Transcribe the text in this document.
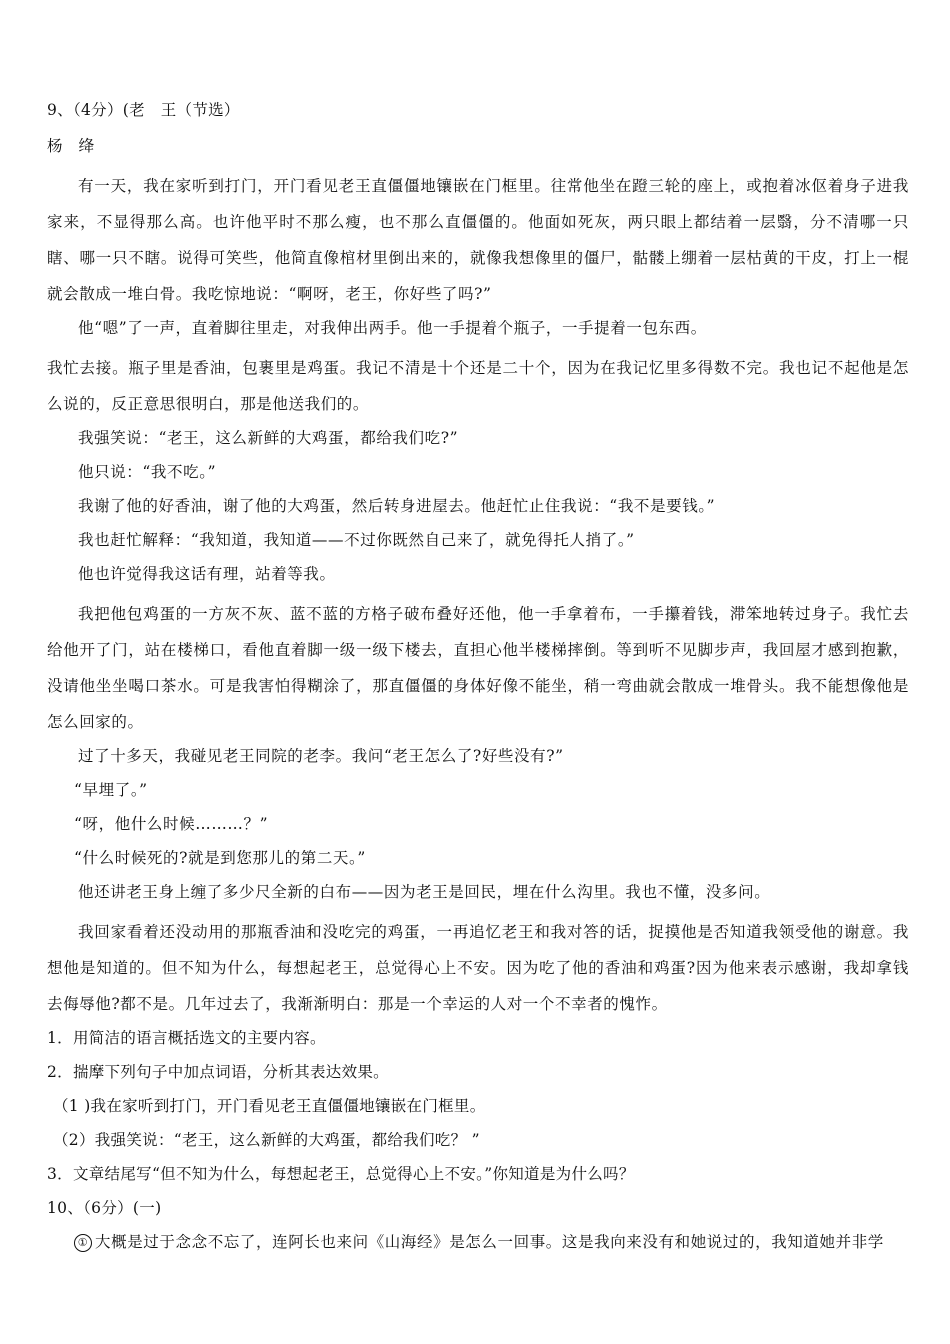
9、（4分）(老　王（节选）

杨　绛

有一天，我在家听到打门，开门看见老王直僵僵地镶嵌在门框里。往常他坐在蹬三轮的座上，或抱着冰伛着身子进我家来，不显得那么高。也许他平时不那么瘦，也不那么直僵僵的。他面如死灰，两只眼上都结着一层翳，分不清哪一只瞎、哪一只不瞎。说得可笑些，他简直像棺材里倒出来的，就像我想像里的僵尸，骷髅上绷着一层枯黄的干皮，打上一棍就会散成一堆白骨。我吃惊地说：“啊呀，老王，你好些了吗?”

他“嗯”了一声，直着脚往里走，对我伸出两手。他一手提着个瓶子，一手提着一包东西。

我忙去接。瓶子里是香油，包裹里是鸡蛋。我记不清是十个还是二十个，因为在我记忆里多得数不完。我也记不起他是怎么说的，反正意思很明白，那是他送我们的。

我强笑说：“老王，这么新鲜的大鸡蛋，都给我们吃?”

他只说：“我不吃。”

我谢了他的好香油，谢了他的大鸡蛋，然后转身进屋去。他赶忙止住我说：“我不是要钱。”

我也赶忙解释：“我知道，我知道——不过你既然自己来了，就免得托人捎了。”

他也许觉得我这话有理，站着等我。

我把他包鸡蛋的一方灰不灰、蓝不蓝的方格子破布叠好还他，他一手拿着布，一手攥着钱，滞笨地转过身子。我忙去给他开了门，站在楼梯口，看他直着脚一级一级下楼去，直担心他半楼梯摔倒。等到听不见脚步声，我回屋才感到抱歉，没请他坐坐喝口茶水。可是我害怕得糊涂了，那直僵僵的身体好像不能坐，稍一弯曲就会散成一堆骨头。我不能想像他是怎么回家的。

过了十多天，我碰见老王同院的老李。我问“老王怎么了?好些没有?”

“早埋了。”

“呀，他什么时候………？”

“什么时候死的?就是到您那儿的第二天。”

他还讲老王身上缠了多少尺全新的白布——因为老王是回民，埋在什么沟里。我也不懂，没多问。

我回家看着还没动用的那瓶香油和没吃完的鸡蛋，一再追忆老王和我对答的话，捉摸他是否知道我领受他的谢意。我想他是知道的。但不知为什么，每想起老王，总觉得心上不安。因为吃了他的香油和鸡蛋?因为他来表示感谢，我却拿钱去侮辱他?都不是。几年过去了，我渐渐明白：那是一个幸运的人对一个不幸者的愧怍。

1．用简洁的语言概括选文的主要内容。

2．揣摩下列句子中加点词语，分析其表达效果。

（1 )我在家听到打门，开门看见老王直僵僵地镶嵌在门框里。

（2）我强笑说：“老王，这么新鲜的大鸡蛋，都给我们吃？ ”

3．文章结尾写“但不知为什么，每想起老王，总觉得心上不安。”你知道是为什么吗？

10、（6分）(一)

① 大概是过于念念不忘了，连阿长也来问《山海经》是怎么一回事。这是我向来没有和她说过的，我知道她并非学
